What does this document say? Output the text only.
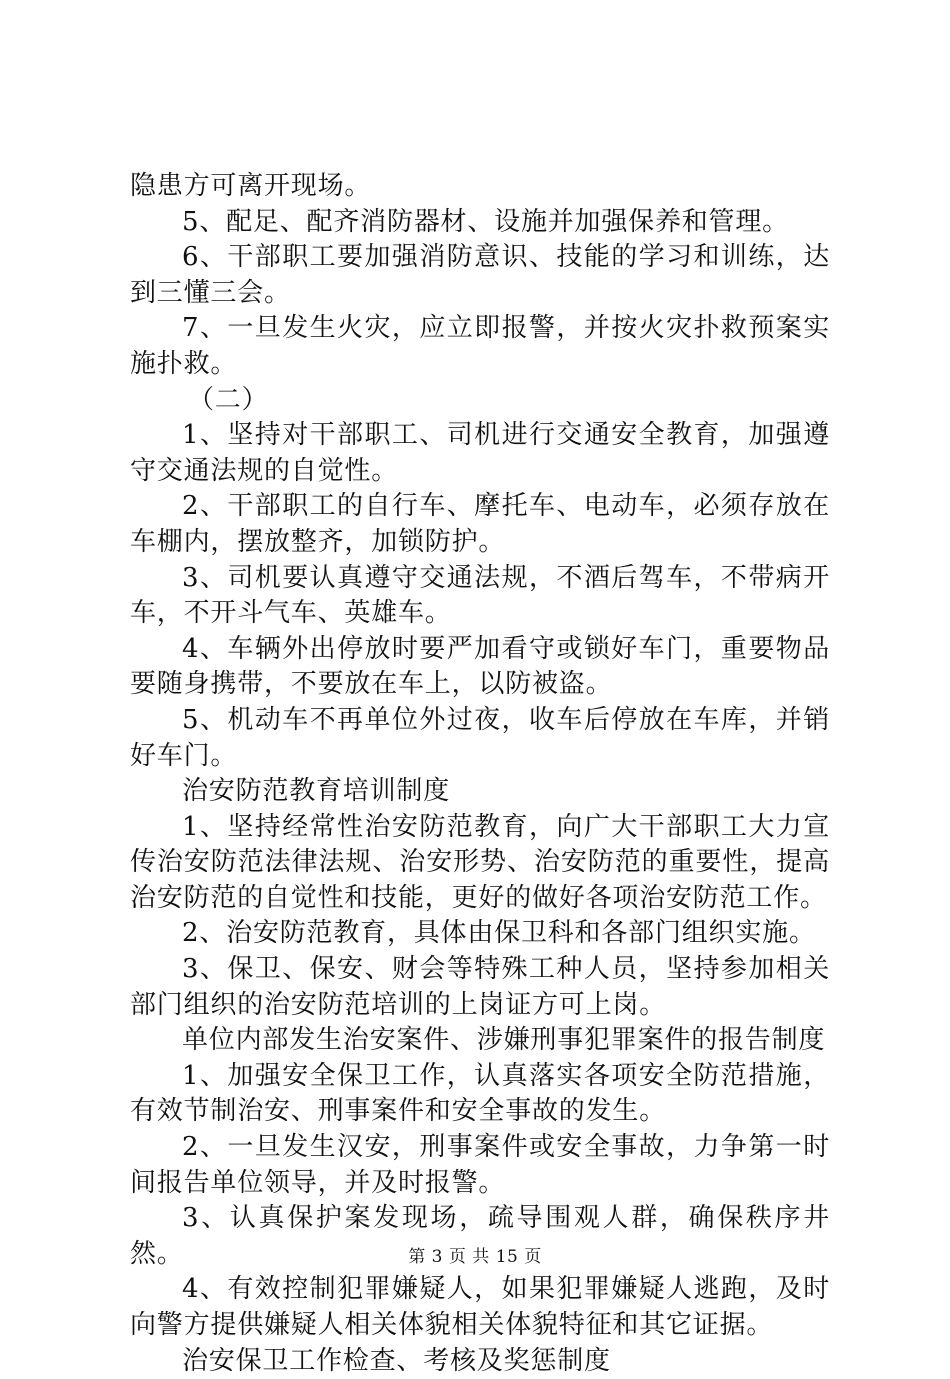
隐患方可离开现场。

5、配足、配齐消防器材、设施并加强保养和管理。

6、干部职工要加强消防意识、技能的学习和训练，达到三懂三会。

7、一旦发生火灾，应立即报警，并按火灾扑救预案实施扑救。

（二）

1、坚持对干部职工、司机进行交通安全教育，加强遵守交通法规的自觉性。

2、干部职工的自行车、摩托车、电动车，必须存放在车棚内，摆放整齐，加锁防护。

3、司机要认真遵守交通法规，不酒后驾车，不带病开车，不开斗气车、英雄车。

4、车辆外出停放时要严加看守或锁好车门，重要物品要随身携带，不要放在车上，以防被盗。

5、机动车不再单位外过夜，收车后停放在车库，并销好车门。

治安防范教育培训制度

1、坚持经常性治安防范教育，向广大干部职工大力宣传治安防范法律法规、治安形势、治安防范的重要性，提高治安防范的自觉性和技能，更好的做好各项治安防范工作。

2、治安防范教育，具体由保卫科和各部门组织实施。

3、保卫、保安、财会等特殊工种人员，坚持参加相关部门组织的治安防范培训的上岗证方可上岗。

单位内部发生治安案件、涉嫌刑事犯罪案件的报告制度

1、加强安全保卫工作，认真落实各项安全防范措施，有效节制治安、刑事案件和安全事故的发生。

2、一旦发生汉安，刑事案件或安全事故，力争第一时间报告单位领导，并及时报警。

3、认真保护案发现场，疏导围观人群，确保秩序井然。

4、有效控制犯罪嫌疑人，如果犯罪嫌疑人逃跑，及时向警方提供嫌疑人相关体貌相关体貌特征和其它证据。

治安保卫工作检查、考核及奖惩制度

第 3 页 共 15 页
